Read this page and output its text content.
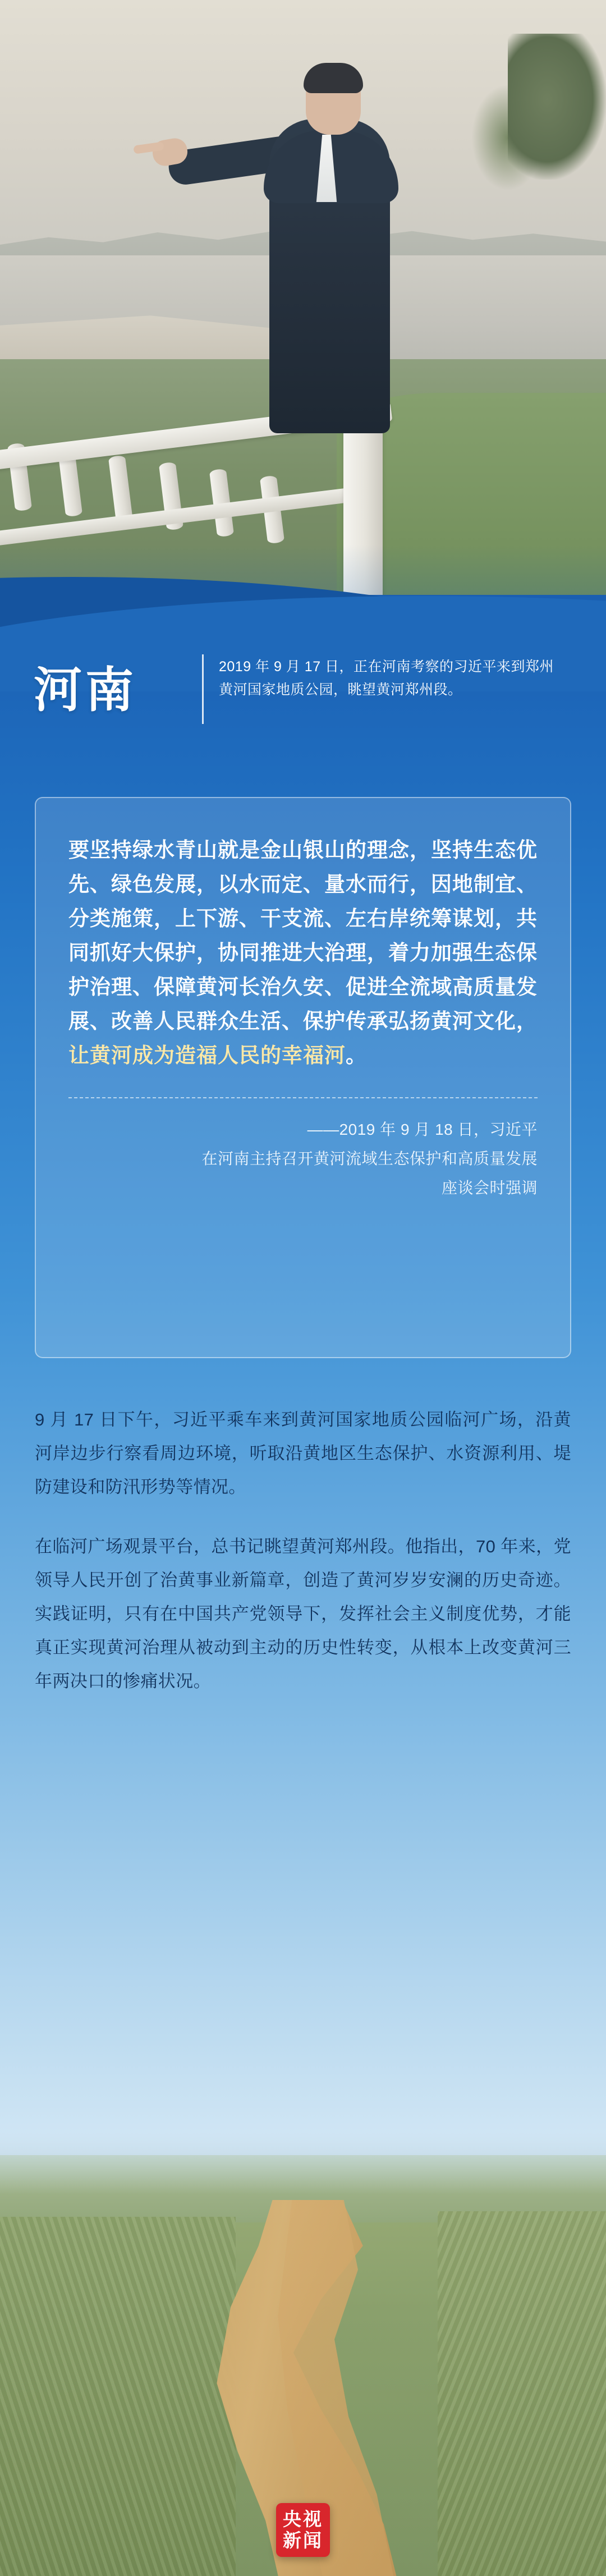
河南	2019 年 9 月 17 日，正在河南考察的习近平来到郑州黄河国家地质公园，眺望黄河郑州段。
要坚持绿水青山就是金山银山的理念，坚持生态优先、绿色发展，以水而定、量水而行，因地制宜、分类施策，上下游、干支流、左右岸统筹谋划，共同抓好大保护，协同推进大治理，着力加强生态保护治理、保障黄河长治久安、促进全流域高质量发展、改善人民群众生活、保护传承弘扬黄河文化，让黄河成为造福人民的幸福河。
——2019 年 9 月 18 日，习近平
在河南主持召开黄河流域生态保护和高质量发展
座谈会时强调

9 月 17 日下午，习近平乘车来到黄河国家地质公园临河广场，沿黄河岸边步行察看周边环境，听取沿黄地区生态保护、水资源利用、堤防建设和防汛形势等情况。

在临河广场观景平台，总书记眺望黄河郑州段。他指出，70 年来，党领导人民开创了治黄事业新篇章，创造了黄河岁岁安澜的历史奇迹。实践证明，只有在中国共产党领导下，发挥社会主义制度优势，才能真正实现黄河治理从被动到主动的历史性转变，从根本上改变黄河三年两决口的惨痛状况。

央视
新闻
